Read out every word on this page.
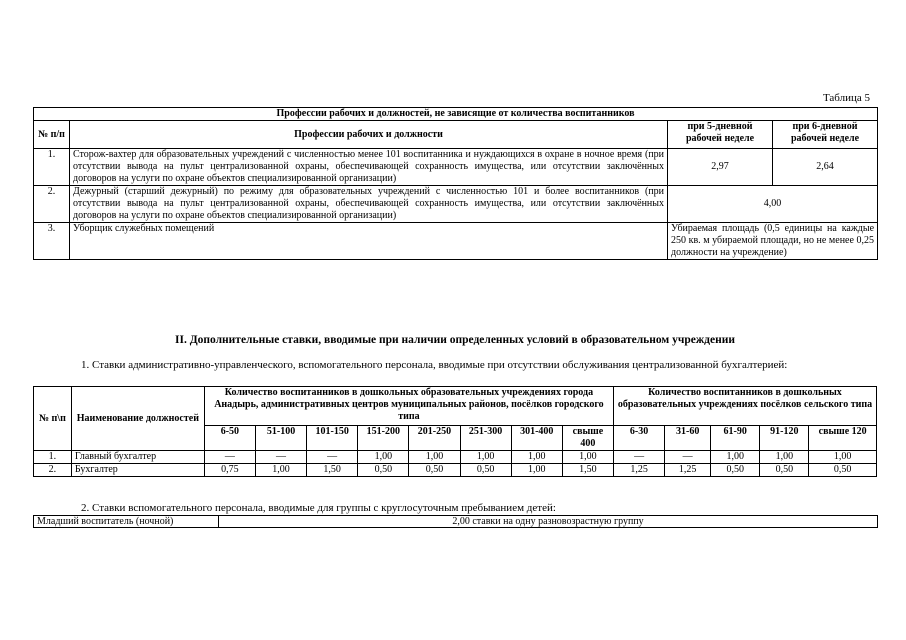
Таблица 5
Профессии рабочих и должностей, не зависящие от количества воспитанников			
№ п/п	Профессии рабочих и должности	при 5-дневной рабочей неделе	при 6-дневной рабочей неделе
1.	Сторож-вахтер для образовательных учреждений с численностью менее 101 воспитанника и нуждающихся в охране в ночное время (при отсутствии вывода на пульт централизованной охраны, обеспечивающей сохранность имущества, или отсутствии заключённых договоров на услуги по охране объектов специализированной организации)	2,97	2,64
2.	Дежурный (старший дежурный) по режиму для образовательных учреждений с численностью 101 и более воспитанников (при отсутствии вывода на пульт централизованной охраны, обеспечивающей сохранность имущества, или отсутствии заключённых договоров на услуги по охране объектов специализированной организации)	4,00	
3.	Уборщик служебных помещений	Убираемая площадь (0,5 единицы на каждые 250 кв. м убираемой площади, но не менее 0,25 должности на учреждение)	
II. Дополнительные ставки, вводимые при наличии определенных условий в образовательном учреждении
1. Ставки административно-управленческого, вспомогательного персонала, вводимые при отсутствии обслуживания централизованной бухгалтерией:
№ п\п	Наименование должностей	Количество воспитанников в дошкольных образовательных учреждениях города Анадырь, административных центров муниципальных районов, посёлков городского типа								Количество воспитанников в дошкольных образовательных учреждениях посёлков сельского типа				
		6-50	51-100	101-150	151-200	201-250	251-300	301-400	свыше 400	6-30	31-60	61-90	91-120	свыше 120
1.	Главный бухгалтер	—	—	—	1,00	1,00	1,00	1,00	1,00	—	—	1,00	1,00	1,00
2.	Бухгалтер	0,75	1,00	1,50	0,50	0,50	0,50	1,00	1,50	1,25	1,25	0,50	0,50	0,50
2. Ставки вспомогательного персонала, вводимые для группы с круглосуточным пребыванием детей:
Младший воспитатель (ночной)	2,00 ставки на одну разновозрастную группу
